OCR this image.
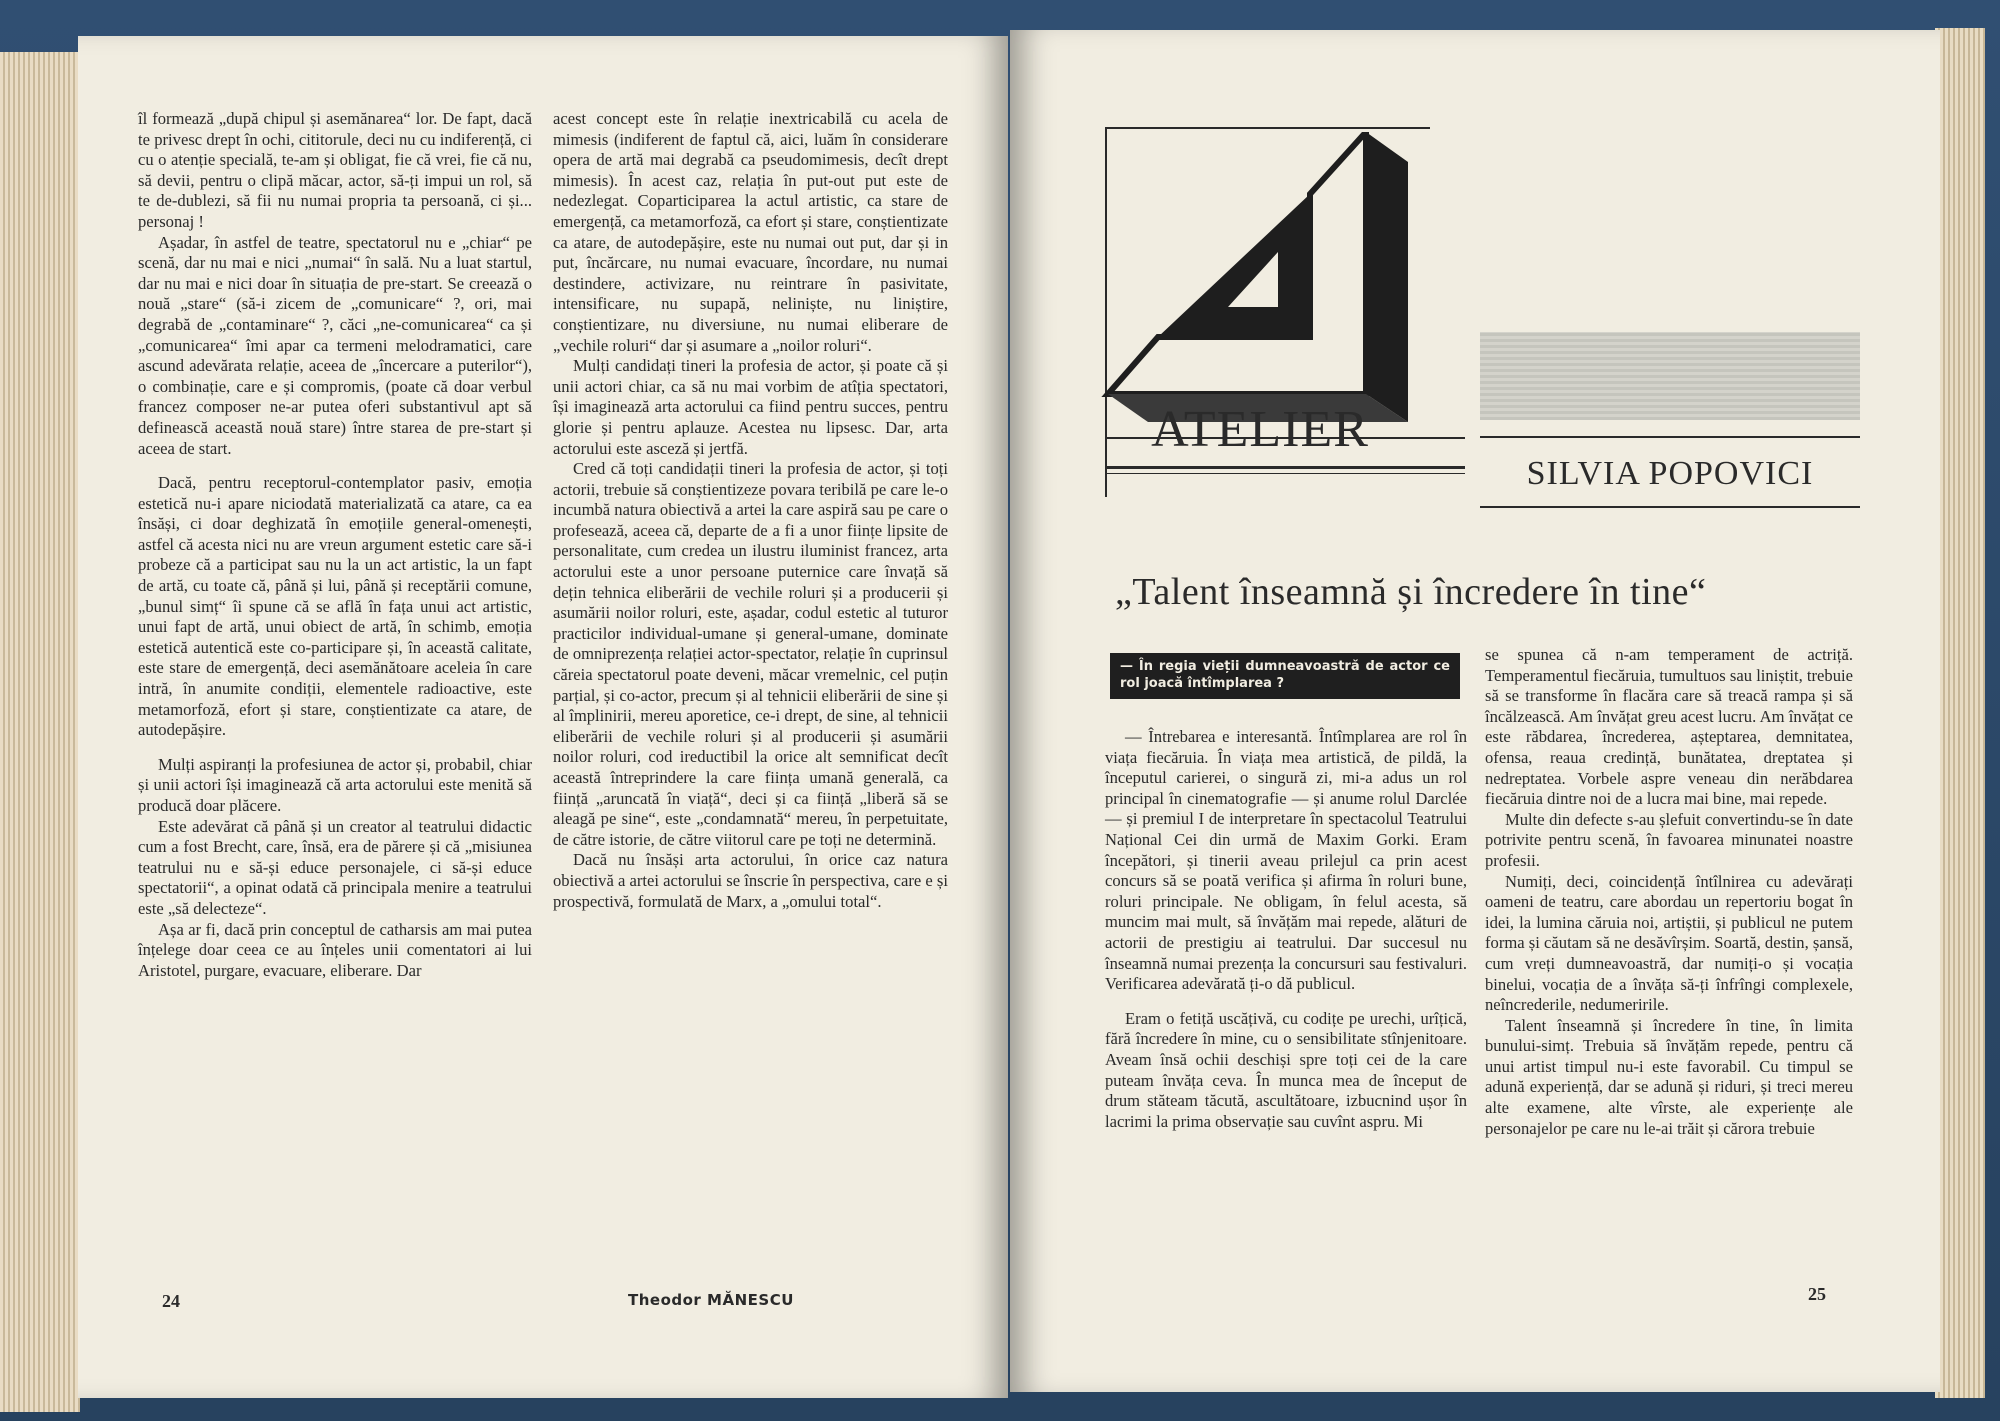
îl formează „după chipul și asemănarea“ lor. De fapt, dacă te privesc drept în ochi, cititorule, deci nu cu indiferență, ci cu o atenție specială, te-am și obligat, fie că vrei, fie că nu, să devii, pentru o clipă măcar, actor, să-ți impui un rol, să te de-dublezi, să fii nu numai propria ta persoană, ci și... personaj !

Așadar, în astfel de teatre, spectatorul nu e „chiar“ pe scenă, dar nu mai e nici „numai“ în sală. Nu a luat startul, dar nu mai e nici doar în situația de pre-start. Se creează o nouă „stare“ (să-i zicem de „comunicare“ ?, ori, mai degrabă de „contaminare“ ?, căci „ne-comunicarea“ ca și „comunicarea“ îmi apar ca termeni melodramatici, care ascund adevărata relație, aceea de „încercare a puterilor“), o combinație, care e și compromis, (poate că doar verbul francez composer ne-ar putea oferi substantivul apt să definească această nouă stare) între starea de pre-start și aceea de start.

Dacă, pentru receptorul-contemplator pasiv, emoția estetică nu-i apare niciodată materializată ca atare, ca ea însăși, ci doar deghizată în emoțiile general-omenești, astfel că acesta nici nu are vreun argument estetic care să-i probeze că a participat sau nu la un act artistic, la un fapt de artă, cu toate că, până și lui, până și receptării comune, „bunul simț“ îi spune că se află în fața unui act artistic, unui fapt de artă, unui obiect de artă, în schimb, emoția estetică autentică este co-participare și, în această calitate, este stare de emergență, deci asemănătoare aceleia în care intră, în anumite condiții, elementele radioactive, este metamorfoză, efort și stare, conștientizate ca atare, de autodepășire.

Mulți aspiranți la profesiunea de actor și, probabil, chiar și unii actori își imaginează că arta actorului este menită să producă doar plăcere.

Este adevărat că până și un creator al teatrului didactic cum a fost Brecht, care, însă, era de părere și că „misiunea teatrului nu e să-și educe personajele, ci să-și educe spectatorii“, a opinat odată că principala menire a teatrului este „să delecteze“.

Așa ar fi, dacă prin conceptul de catharsis am mai putea înțelege doar ceea ce au înțeles unii comentatori ai lui Aristotel, purgare, evacuare, eliberare. Dar

acest concept este în relație inextricabilă cu acela de mimesis (indiferent de faptul că, aici, luăm în considerare opera de artă mai degrabă ca pseudomimesis, decît drept mimesis). În acest caz, relația în put-out put este de nedezlegat. Coparticiparea la actul artistic, ca stare de emergență, ca metamorfoză, ca efort și stare, conștientizate ca atare, de autodepășire, este nu numai out put, dar și in put, încărcare, nu numai evacuare, încordare, nu numai destindere, activizare, nu reintrare în pasivitate, intensificare, nu supapă, neliniște, nu liniștire, conștientizare, nu diversiune, nu numai eliberare de „vechile roluri“ dar și asumare a „noilor roluri“.

Mulți candidați tineri la profesia de actor, și poate că și unii actori chiar, ca să nu mai vorbim de atîția spectatori, își imaginează arta actorului ca fiind pentru succes, pentru glorie și pentru aplauze. Acestea nu lipsesc. Dar, arta actorului este asceză și jertfă.

Cred că toți candidații tineri la profesia de actor, și toți actorii, trebuie să conștientizeze povara teribilă pe care le-o incumbă natura obiectivă a artei la care aspiră sau pe care o profesează, aceea că, departe de a fi a unor ființe lipsite de personalitate, cum credea un ilustru iluminist francez, arta actorului este a unor persoane puternice care învață să dețin tehnica eliberării de vechile roluri și a producerii și asumării noilor roluri, este, așadar, codul estetic al tuturor practicilor individual-umane și general-umane, dominate de omniprezența relației actor-spectator, relație în cuprinsul căreia spectatorul poate deveni, măcar vremelnic, cel puțin parțial, și co-actor, precum și al tehnicii eliberării de sine și al împlinirii, mereu aporetice, ce-i drept, de sine, al tehnicii eliberării de vechile roluri și al producerii și asumării noilor roluri, cod ireductibil la orice alt semnificat decît această întreprindere la care ființa umană generală, ca ființă „aruncată în viață“, deci și ca ființă „liberă să se aleagă pe sine“, este „condamnată“ mereu, în perpetuitate, de către istorie, de către viitorul care pe toți ne determină.

Dacă nu însăși arta actorului, în orice caz natura obiectivă a artei actorului se înscrie în perspectiva, care e și prospectivă, formulată de Marx, a „omului total“.

Theodor MĂNESCU
24
ATELIER
SILVIA POPOVICI
„Talent înseamnă și încredere în tine“
— În regia vieții dumneavoastră de actor ce rol joacă întîmplarea ?

— Întrebarea e interesantă. Întîmplarea are rol în viața fiecăruia. În viața mea artistică, de pildă, la începutul carierei, o singură zi, mi-a adus un rol principal în cinematografie — și anume rolul Darclée — și premiul I de interpretare în spectacolul Teatrului Național Cei din urmă de Maxim Gorki. Eram începători, și tinerii aveau prilejul ca prin acest concurs să se poată verifica și afirma în roluri bune, roluri principale. Ne obligam, în felul acesta, să muncim mai mult, să învățăm mai repede, alături de actorii de prestigiu ai teatrului. Dar succesul nu înseamnă numai prezența la concursuri sau festivaluri. Verificarea adevărată ți-o dă publicul.

Eram o fetiță uscățivă, cu codițe pe urechi, urîțică, fără încredere în mine, cu o sensibilitate stînjenitoare. Aveam însă ochii deschiși spre toți cei de la care puteam învăța ceva. În munca mea de început de drum stăteam tăcută, ascultătoare, izbucnind ușor în lacrimi la prima observație sau cuvînt aspru. Mi

se spunea că n-am temperament de actriță. Temperamentul fiecăruia, tumultuos sau liniștit, trebuie să se transforme în flacăra care să treacă rampa și să încălzească. Am învățat greu acest lucru. Am învățat ce este răbdarea, încrederea, așteptarea, demnitatea, ofensa, reaua credință, bunătatea, dreptatea și nedreptatea. Vorbele aspre veneau din nerăbdarea fiecăruia dintre noi de a lucra mai bine, mai repede.

Multe din defecte s-au șlefuit convertindu-se în date potrivite pentru scenă, în favoarea minunatei noastre profesii.

Numiți, deci, coincidență întîlnirea cu adevărați oameni de teatru, care abordau un repertoriu bogat în idei, la lumina căruia noi, artiștii, și publicul ne putem forma și căutam să ne desăvîrșim. Soartă, destin, șansă, cum vreți dumneavoastră, dar numiți-o și vocația binelui, vocația de a învăța să-ți înfrîngi complexele, neîncrederile, nedumeririle.

Talent înseamnă și încredere în tine, în limita bunului-simț. Trebuia să învățăm repede, pentru că unui artist timpul nu-i este favorabil. Cu timpul se adună experiență, dar se adună și riduri, și treci mereu alte examene, alte vîrste, ale experiențe ale personajelor pe care nu le-ai trăit și cărora trebuie

25
